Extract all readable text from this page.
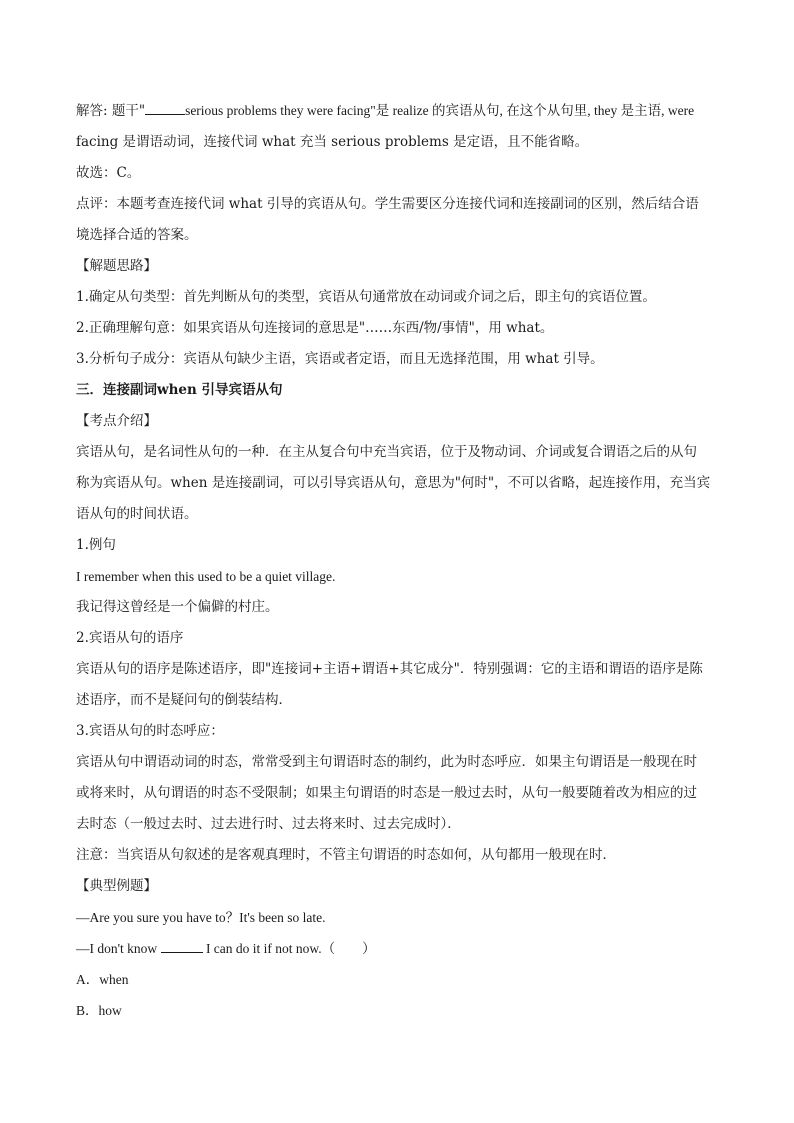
解答: 题干"	serious problems they were facing"是 realize 的宾语从句, 在这个从句里, they 是主语, were

facing 是谓语动词，连接代词 what 充当 serious problems 是定语，且不能省略。

故选：C。

点评：本题考查连接代词 what 引导的宾语从句。学生需要区分连接代词和连接副词的区别，然后结合语

境选择合适的答案。

【解题思路】

1.确定从句类型：首先判断从句的类型，宾语从句通常放在动词或介词之后，即主句的宾语位置。

2.正确理解句意：如果宾语从句连接词的意思是"……东西/物/事情"，用 what。

3.分析句子成分：宾语从句缺少主语，宾语或者定语，而且无选择范围，用 what 引导。

三．连接副词when 引导宾语从句

【考点介绍】

宾语从句，是名词性从句的一种．在主从复合句中充当宾语，位于及物动词、介词或复合谓语之后的从句

称为宾语从句。when 是连接副词，可以引导宾语从句，意思为"何时"，不可以省略，起连接作用，充当宾

语从句的时间状语。

1.例句

I remember when this used to be a quiet village.

我记得这曾经是一个偏僻的村庄。

2.宾语从句的语序

宾语从句的语序是陈述语序，即"连接词+主语+谓语+其它成分"．特别强调：它的主语和谓语的语序是陈

述语序，而不是疑问句的倒装结构．

3.宾语从句的时态呼应：

宾语从句中谓语动词的时态，常常受到主句谓语时态的制约，此为时态呼应．如果主句谓语是一般现在时

或将来时，从句谓语的时态不受限制；如果主句谓语的时态是一般过去时，从句一般要随着改为相应的过

去时态（一般过去时、过去进行时、过去将来时、过去完成时）．

注意：当宾语从句叙述的是客观真理时，不管主句谓语的时态如何，从句都用一般现在时．

【典型例题】

—Are you sure you have to？It's been so late.

—I don't know	I can do it if not now.（　　）

A．when

B．how
